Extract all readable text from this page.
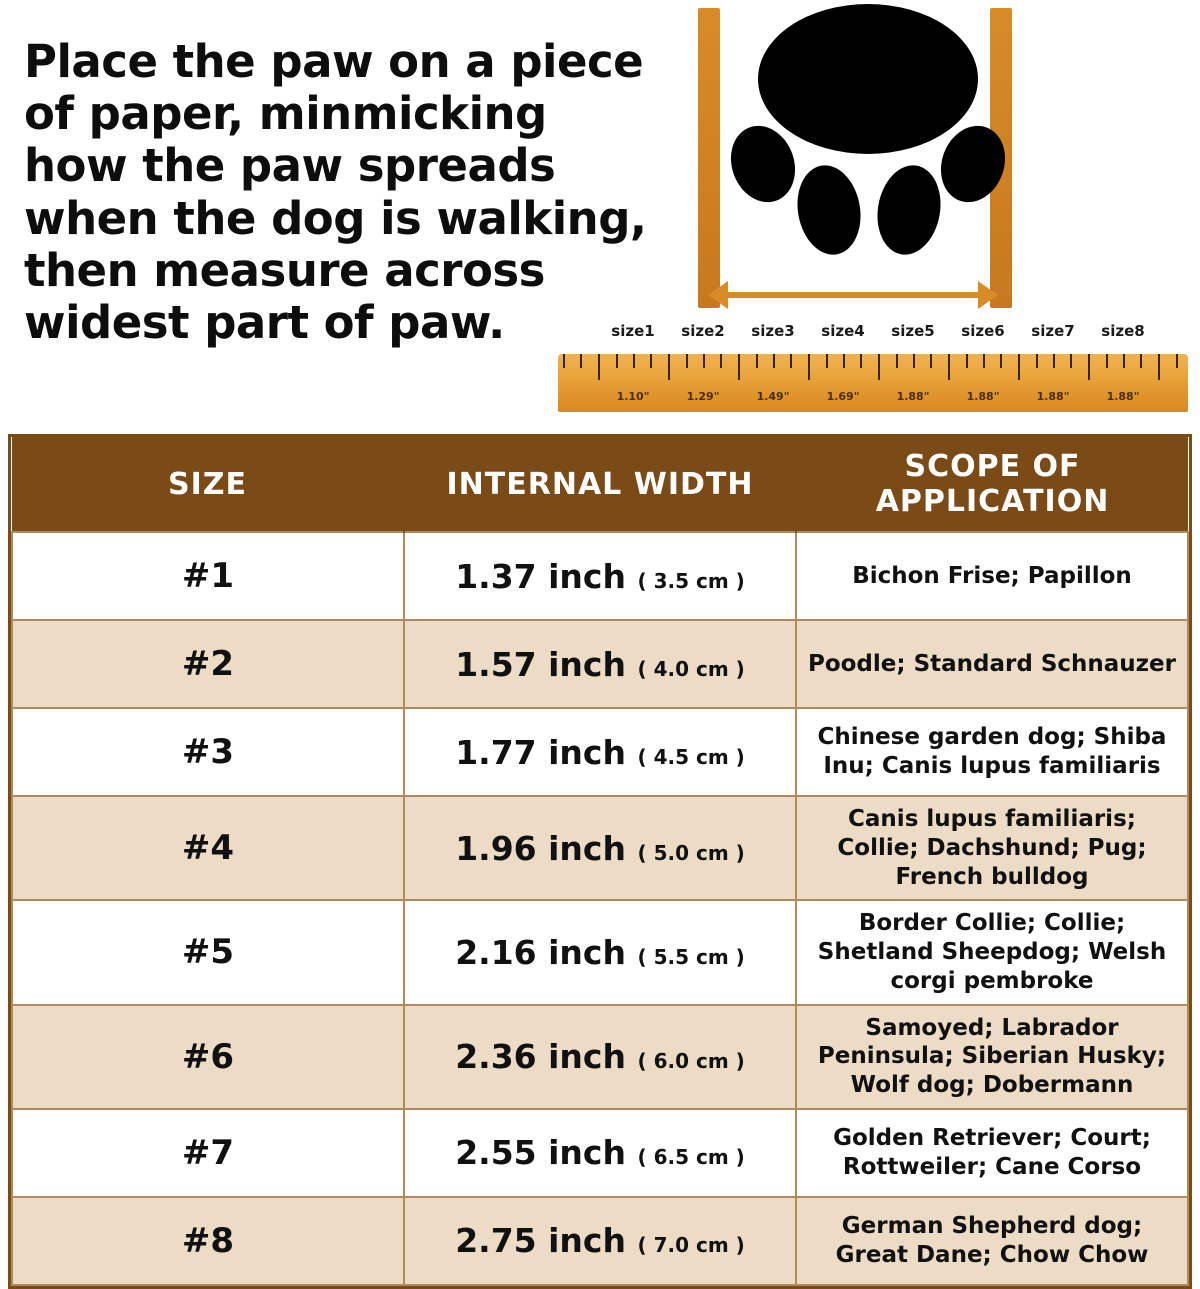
Place the paw on a piece of paper, minmicking how the paw spreads when the dog is walking, then measure across widest part of paw.	size1	size2	size3	size4	size5	size6	size7	size8
1.10"	1.29"	1.49"	1.69"	1.88"	1.88"	1.88"	1.88"
SIZE	INTERNAL WIDTH	SCOPE OF APPLICATION
#1	1.37 inch ( 3.5 cm )	Bichon Frise; Papillon
#2	1.57 inch ( 4.0 cm )	Poodle; Standard Schnauzer
#3	1.77 inch ( 4.5 cm )	Chinese garden dog; Shiba Inu; Canis lupus familiaris
#4	1.96 inch ( 5.0 cm )	Canis lupus familiaris; Collie; Dachshund; Pug; French bulldog
#5	2.16 inch ( 5.5 cm )	Border Collie; Collie; Shetland Sheepdog; Welsh corgi pembroke
#6	2.36 inch ( 6.0 cm )	Samoyed; Labrador Peninsula; Siberian Husky; Wolf dog; Dobermann
#7	2.55 inch ( 6.5 cm )	Golden Retriever; Court; Rottweiler; Cane Corso
#8	2.75 inch ( 7.0 cm )	German Shepherd dog; Great Dane; Chow Chow
